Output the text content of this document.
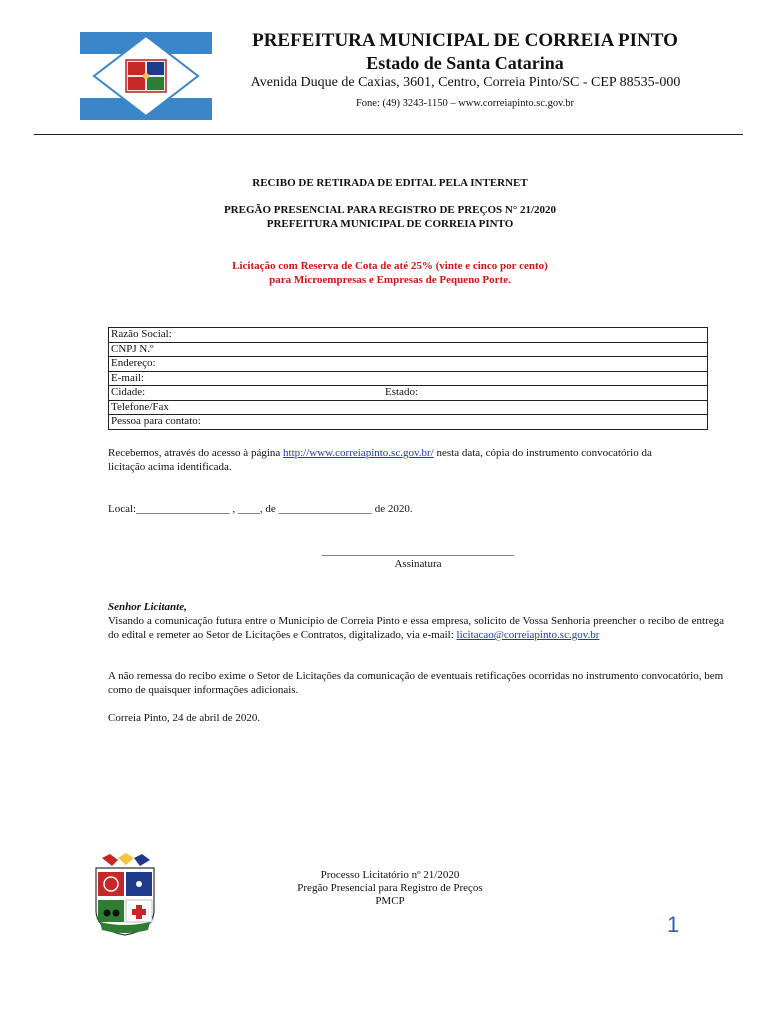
PREFEITURA MUNICIPAL DE CORREIA PINTO
Estado de Santa Catarina
Avenida Duque de Caxias, 3601, Centro, Correia Pinto/SC - CEP 88535-000
Fone: (49) 3243-1150 – www.correiapinto.sc.gov.br
RECIBO DE RETIRADA DE EDITAL PELA INTERNET
PREGÃO PRESENCIAL PARA REGISTRO DE PREÇOS N° 21/2020
PREFEITURA MUNICIPAL DE CORREIA PINTO
Licitação com Reserva de Cota de até 25% (vinte e cinco por cento)
para Microempresas e Empresas de Pequeno Porte.
Razão Social:
CNPJ N.º
Endereço:
E-mail:
Cidade:	Estado:
Telefone/Fax
Pessoa para contato:
Recebemos, através do acesso à página http://www.correiapinto.sc.gov.br/ nesta data, cópia do instrumento convocatório da licitação acima identificada.
Local:_________________ , ____, de _________________ de 2020.
___________________________________
Assinatura
Senhor Licitante,
Visando a comunicação futura entre o Município de Correia Pinto e essa empresa, solicito de Vossa Senhoria preencher o recibo de entrega do edital e remeter ao Setor de Licitações e Contratos, digitalizado, via e-mail: licitacao@correiapinto.sc.gov.br
A não remessa do recibo exime o Setor de Licitações da comunicação de eventuais retificações ocorridas no instrumento convocatório, bem como de quaisquer informações adicionais.
Correia Pinto, 24 de abril de 2020.
Processo Licitatório nº 21/2020
Pregão Presencial para Registro de Preços
PMCP
1
